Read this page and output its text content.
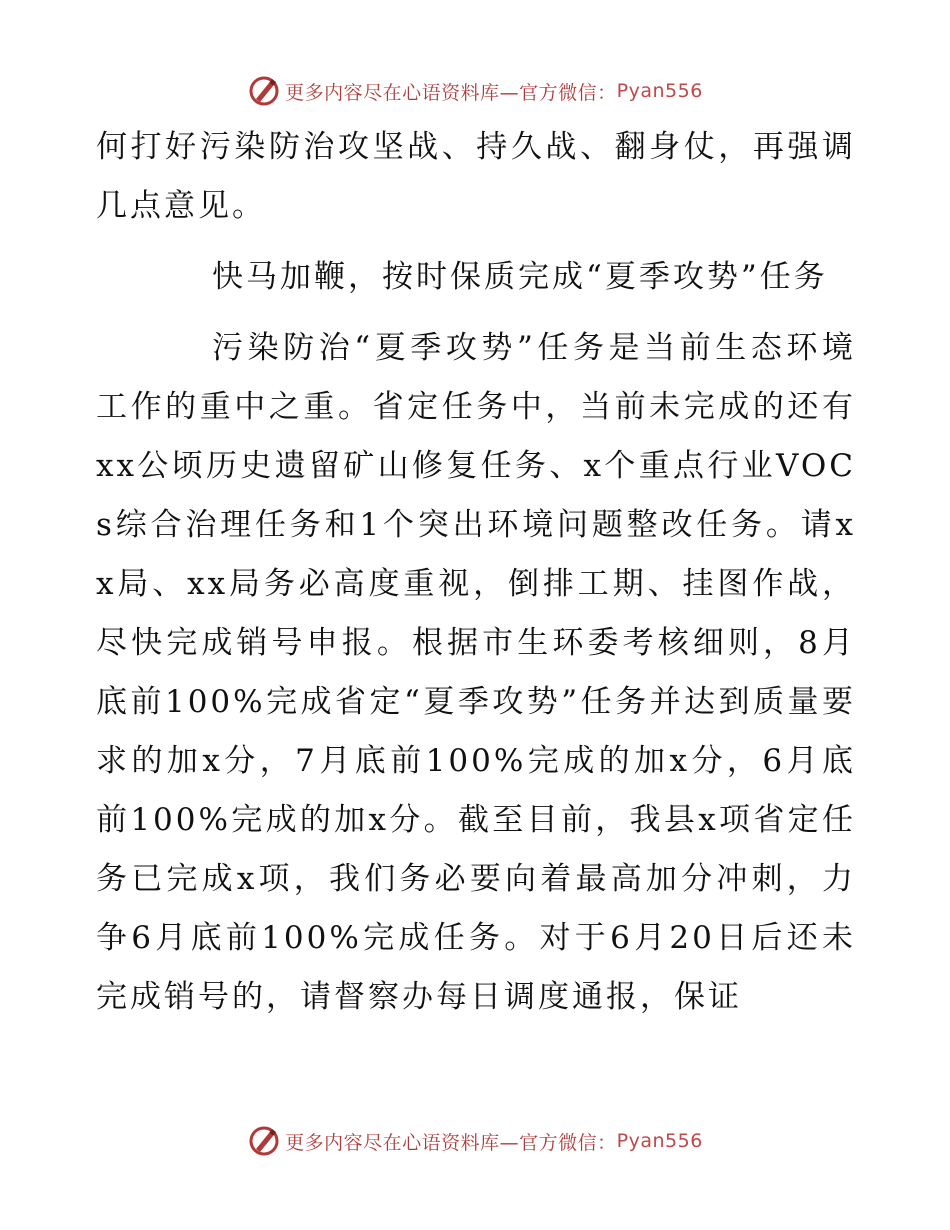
更多内容尽在心语资料库—官方微信： Pyan556

何打好污染防治攻坚战、持久战、翻身仗，再强调几点意见。

快马加鞭，按时保质完成“夏季攻势”任务

污染防治“夏季攻势”任务是当前生态环境工作的重中之重。省定任务中，当前未完成的还有xx公顷历史遗留矿山修复任务、x个重点行业VOCs综合治理任务和1个突出环境问题整改任务。请xx局、xx局务必高度重视，倒排工期、挂图作战，尽快完成销号申报。根据市生环委考核细则，8月底前100%完成省定“夏季攻势”任务并达到质量要求的加x分，7月底前100%完成的加x分，6月底前100%完成的加x分。截至目前，我县x项省定任务已完成x项，我们务必要向着最高加分冲刺，力争6月底前100%完成任务。对于6月20日后还未完成销号的，请督察办每日调度通报，保证

更多内容尽在心语资料库—官方微信： Pyan556
